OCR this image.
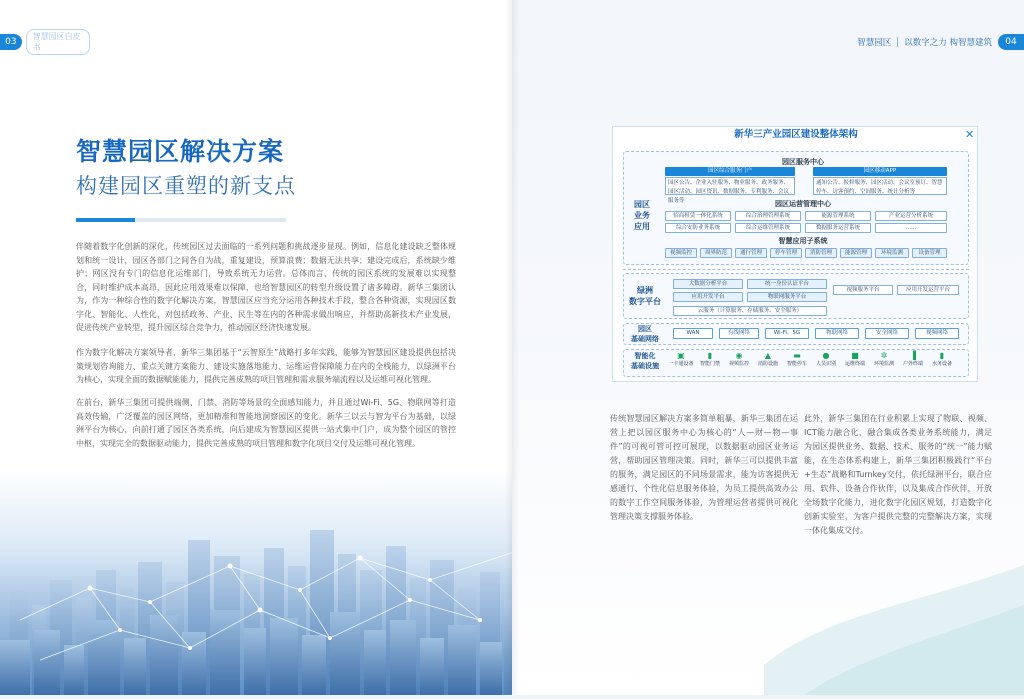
03
智慧园区白皮书
智慧园区解决方案
构建园区重塑的新支点

伴随着数字化创新的深化，传统园区过去面临的一系列问题和挑战逐步显现。例如，信息化建设缺乏整体规划和统一设计，园区各部门之间各自为战，重复建设，预算浪费；数据无法共享；建设完成后，系统缺少维护；网区没有专门的信息化运维部门，导致系统无力运营。总体而言，传统的园区系统的发展难以实现整合，同时维护成本高昂，因此应用效果难以保障，也给智慧园区的转型升级设置了诸多障碍。新华三集团认为，作为一种综合性的数字化解决方案，智慧园区应当充分运用各种技术手段，整合各种资源，实现园区数字化、智能化、人性化，对包括政务、产业、民生等在内的各种需求做出响应，并帮助高新技术产业发展，促进传统产业转型，提升园区综合竞争力，推动园区经济快速发展。

作为数字化解决方案领导者，新华三集团基于“云智原生”战略打多年实践，能够为智慧园区建设提供包括决策规划咨询能力、重点关键方案能力、建设实施落地能力、运维运营保障能力在内的全栈能力，以绿洲平台为核心，实现全面的数据赋能能力，提供完善成熟的项目管理和需求服务端流程以及运维可视化管理。

在前台，新华三集团可提供端侧、门禁、消防等场景的全面感知能力，并且通过Wi-Fi、5G、物联网等打造高效传输，广泛覆盖的园区网络，更加精准和智能地洞察园区的变化。新华三以云与智为平台为基础，以绿洲平台为核心，向前打通了园区各类系统，向后建成为智慧园区提供一站式集中门户，成为整个园区的管控中枢，实现完全的数据驱动能力，提供完善成熟的项目管理和数字化项目交付及运维可视化管理。

智慧园区 以数字之力 构智慧建筑	04

传统智慧园区解决方案多简单粗暴，新华三集团在运营上把以园区服务中心为核心的“人—财—物—事件”的可视可管可控可展现，以数据驱动园区业务运营，帮助园区管理决策。同时，新华三可以提供丰富的服务，满足园区的不同场景需求，能为访客提供无感通行、个性化信息服务体验，为员工提供高效办公的数字工作空间服务体验，为管理运营者提供可视化管理决策支撑服务体验。

此外，新华三集团在行业积累上实现了物联、视频、ICT能力融合化，融合集成各类业务系统能力，满足为园区提供业务、数据、技术、服务的“统一”能力赋能，在生态体系构建上，新华三集团积极践行“平台+生态”战略和Turnkey交付，依托绿洲平台，联合应用、软件、设备合作伙伴，以及集成合作伙伴，开放全场数字化能力，进化数字化园区规划，打造数字化创新实验室，为客户提供完整的完整解决方案，实现一体化集成交付。

新华三产业园区建设整体架构	✕
园区
业务
应用
园区服务中心
园区综合服务门户
园区公告、企业入驻服务、物业服务、政务服务、园区活动、园区资讯、数据服务、专利服务、会议服务等
园区移动APP
通知公告、报修服务、园区活动、会议室预订、智慧停车、访客预约、空间服务、统计分析等
园区运营管理中心
招商租赁一体化系统	综合治理管理系统	能源管理系统	产业运营分析系统
综合安防业务系统	综合运维管理系统	数据服务运营系统	……
智慧应用子系统
视频监控	周界防范	通行管理	停车管理	消防管理	能源管理	环境监测	设备管理
绿洲
数字平台
大数据分析平台	统一身份认证平台
应用开发平台	物联网服务平台
视频服务平台	应用开发运营平台
云服务（计算服务、存储服务、安全服务）
园区
基础网络
WAN	有线网络	Wi-Fi、5G	物联网络	安全网络	视频网络
智能化
基础设施
▣
一卡通设备
▮
智能门禁
◉
视频监控
▲
消防设施
▬
智能停车
●
人员识别
■
运维终端
✲
环境监测
▐
户外终端
▮
水务设备
